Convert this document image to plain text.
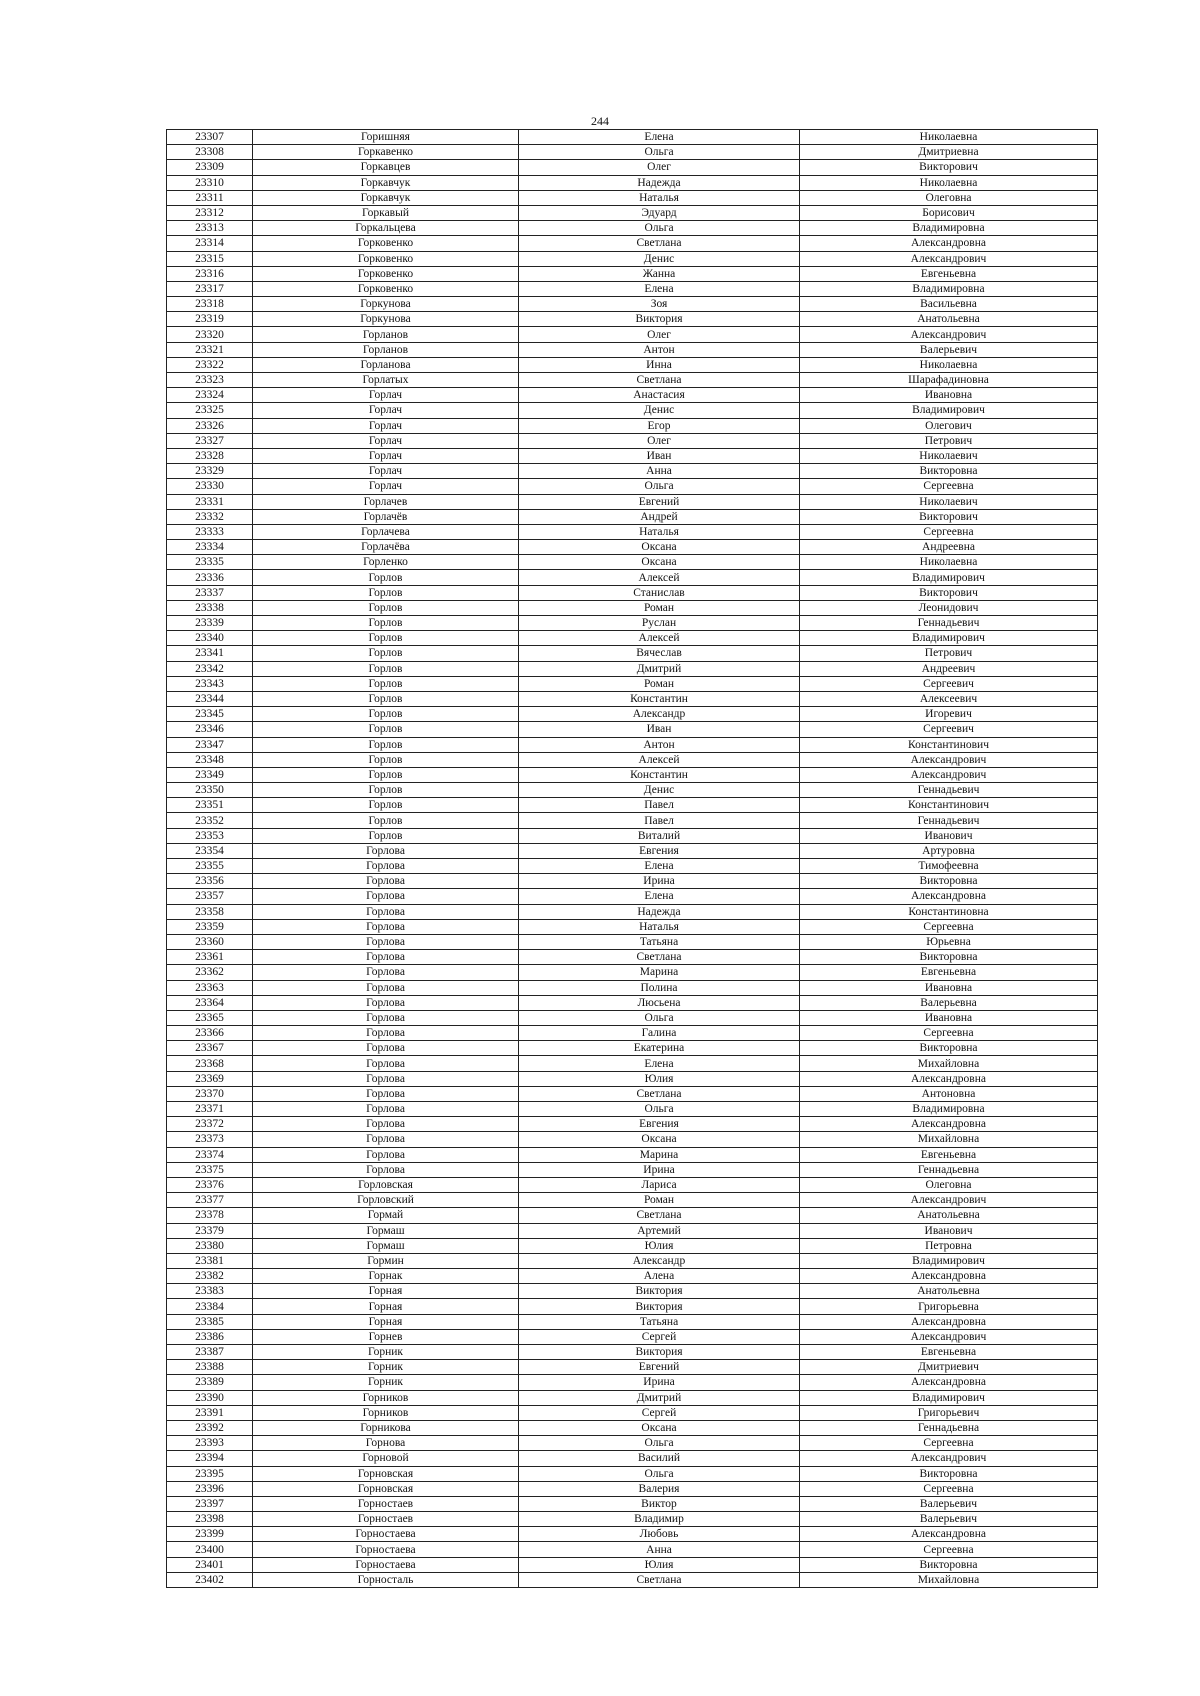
244
23307	Горишняя	Елена	Николаевна
23308	Горкавенко	Ольга	Дмитриевна
23309	Горкавцев	Олег	Викторович
23310	Горкавчук	Надежда	Николаевна
23311	Горкавчук	Наталья	Олеговна
23312	Горкавый	Эдуард	Борисович
23313	Горкальцева	Ольга	Владимировна
23314	Горковенко	Светлана	Александровна
23315	Горковенко	Денис	Александрович
23316	Горковенко	Жанна	Евгеньевна
23317	Горковенко	Елена	Владимировна
23318	Горкунова	Зоя	Васильевна
23319	Горкунова	Виктория	Анатольевна
23320	Горланов	Олег	Александрович
23321	Горланов	Антон	Валерьевич
23322	Горланова	Инна	Николаевна
23323	Горлатых	Светлана	Шарафадиновна
23324	Горлач	Анастасия	Ивановна
23325	Горлач	Денис	Владимирович
23326	Горлач	Егор	Олегович
23327	Горлач	Олег	Петрович
23328	Горлач	Иван	Николаевич
23329	Горлач	Анна	Викторовна
23330	Горлач	Ольга	Сергеевна
23331	Горлачев	Евгений	Николаевич
23332	Горлачёв	Андрей	Викторович
23333	Горлачева	Наталья	Сергеевна
23334	Горлачёва	Оксана	Андреевна
23335	Горленко	Оксана	Николаевна
23336	Горлов	Алексей	Владимирович
23337	Горлов	Станислав	Викторович
23338	Горлов	Роман	Леонидович
23339	Горлов	Руслан	Геннадьевич
23340	Горлов	Алексей	Владимирович
23341	Горлов	Вячеслав	Петрович
23342	Горлов	Дмитрий	Андреевич
23343	Горлов	Роман	Сергеевич
23344	Горлов	Константин	Алексеевич
23345	Горлов	Александр	Игоревич
23346	Горлов	Иван	Сергеевич
23347	Горлов	Антон	Константинович
23348	Горлов	Алексей	Александрович
23349	Горлов	Константин	Александрович
23350	Горлов	Денис	Геннадьевич
23351	Горлов	Павел	Константинович
23352	Горлов	Павел	Геннадьевич
23353	Горлов	Виталий	Иванович
23354	Горлова	Евгения	Артуровна
23355	Горлова	Елена	Тимофеевна
23356	Горлова	Ирина	Викторовна
23357	Горлова	Елена	Александровна
23358	Горлова	Надежда	Константиновна
23359	Горлова	Наталья	Сергеевна
23360	Горлова	Татьяна	Юрьевна
23361	Горлова	Светлана	Викторовна
23362	Горлова	Марина	Евгеньевна
23363	Горлова	Полина	Ивановна
23364	Горлова	Люсьена	Валерьевна
23365	Горлова	Ольга	Ивановна
23366	Горлова	Галина	Сергеевна
23367	Горлова	Екатерина	Викторовна
23368	Горлова	Елена	Михайловна
23369	Горлова	Юлия	Александровна
23370	Горлова	Светлана	Антоновна
23371	Горлова	Ольга	Владимировна
23372	Горлова	Евгения	Александровна
23373	Горлова	Оксана	Михайловна
23374	Горлова	Марина	Евгеньевна
23375	Горлова	Ирина	Геннадьевна
23376	Горловская	Лариса	Олеговна
23377	Горловский	Роман	Александрович
23378	Гормай	Светлана	Анатольевна
23379	Гормаш	Артемий	Иванович
23380	Гормаш	Юлия	Петровна
23381	Гормин	Александр	Владимирович
23382	Горнак	Алена	Александровна
23383	Горная	Виктория	Анатольевна
23384	Горная	Виктория	Григорьевна
23385	Горная	Татьяна	Александровна
23386	Горнев	Сергей	Александрович
23387	Горник	Виктория	Евгеньевна
23388	Горник	Евгений	Дмитриевич
23389	Горник	Ирина	Александровна
23390	Горников	Дмитрий	Владимирович
23391	Горников	Сергей	Григорьевич
23392	Горникова	Оксана	Геннадьевна
23393	Горнова	Ольга	Сергеевна
23394	Горновой	Василий	Александрович
23395	Горновская	Ольга	Викторовна
23396	Горновская	Валерия	Сергеевна
23397	Горностаев	Виктор	Валерьевич
23398	Горностаев	Владимир	Валерьевич
23399	Горностаева	Любовь	Александровна
23400	Горностаева	Анна	Сергеевна
23401	Горностаева	Юлия	Викторовна
23402	Горносталь	Светлана	Михайловна
